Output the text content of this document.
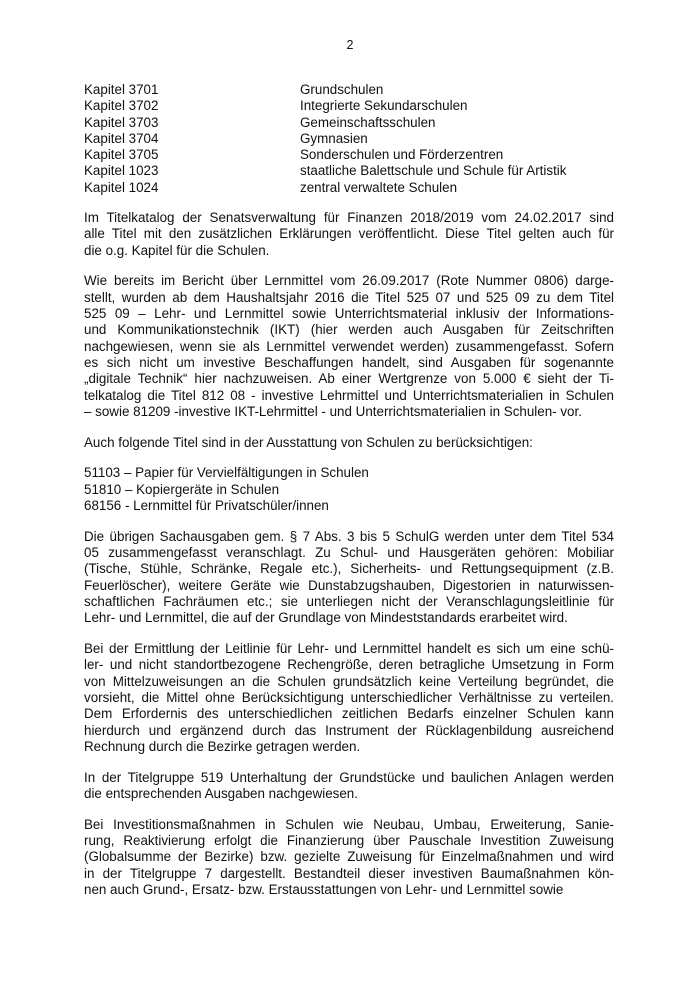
2
Kapitel 3701	Grundschulen
Kapitel 3702	Integrierte Sekundarschulen
Kapitel 3703	Gemeinschaftsschulen
Kapitel 3704	Gymnasien
Kapitel 3705	Sonderschulen und Förderzentren
Kapitel 1023	staatliche Balettschule und Schule für Artistik
Kapitel 1024	zentral verwaltete Schulen

Im Titelkatalog der Senatsverwaltung für Finanzen 2018/2019 vom 24.02.2017 sind
alle Titel mit den zusätzlichen Erklärungen veröffentlicht. Diese Titel gelten auch für
die o.g. Kapitel für die Schulen.

Wie bereits im Bericht über Lernmittel vom 26.09.2017 (Rote Nummer 0806) darge-
stellt, wurden ab dem Haushaltsjahr 2016 die Titel 525 07 und 525 09 zu dem Titel
525 09 – Lehr- und Lernmittel sowie Unterrichtsmaterial inklusiv der Informations-
und Kommunikationstechnik (IKT) (hier werden auch Ausgaben für Zeitschriften
nachgewiesen, wenn sie als Lernmittel verwendet werden) zusammengefasst. Sofern
es sich nicht um investive Beschaffungen handelt, sind Ausgaben für sogenannte
„digitale Technik“ hier nachzuweisen. Ab einer Wertgrenze von 5.000 € sieht der Ti-
telkatalog die Titel 812 08 - investive Lehrmittel und Unterrichtsmaterialien in Schulen
– sowie 81209 -investive IKT-Lehrmittel - und Unterrichtsmaterialien in Schulen- vor.

Auch folgende Titel sind in der Ausstattung von Schulen zu berücksichtigen:

51103 – Papier für Vervielfältigungen in Schulen
51810 – Kopiergeräte in Schulen
68156 - Lernmittel für Privatschüler/innen

Die übrigen Sachausgaben gem. § 7 Abs. 3 bis 5 SchulG werden unter dem Titel 534
05 zusammengefasst veranschlagt. Zu Schul- und Hausgeräten gehören: Mobiliar
(Tische, Stühle, Schränke, Regale etc.), Sicherheits- und Rettungsequipment (z.B.
Feuerlöscher), weitere Geräte wie Dunstabzugshauben, Digestorien in naturwissen-
schaftlichen Fachräumen etc.; sie unterliegen nicht der Veranschlagungsleitlinie für
Lehr- und Lernmittel, die auf der Grundlage von Mindeststandards erarbeitet wird.

Bei der Ermittlung der Leitlinie für Lehr- und Lernmittel handelt es sich um eine schü-
ler- und nicht standortbezogene Rechengröße, deren betragliche Umsetzung in Form
von Mittelzuweisungen an die Schulen grundsätzlich keine Verteilung begründet, die
vorsieht, die Mittel ohne Berücksichtigung unterschiedlicher Verhältnisse zu verteilen.
Dem Erfordernis des unterschiedlichen zeitlichen Bedarfs einzelner Schulen kann
hierdurch und ergänzend durch das Instrument der Rücklagenbildung ausreichend
Rechnung durch die Bezirke getragen werden.

In der Titelgruppe 519 Unterhaltung der Grundstücke und baulichen Anlagen werden
die entsprechenden Ausgaben nachgewiesen.

Bei Investitionsmaßnahmen in Schulen wie Neubau, Umbau, Erweiterung, Sanie-
rung, Reaktivierung erfolgt die Finanzierung über Pauschale Investition Zuweisung
(Globalsumme der Bezirke) bzw. gezielte Zuweisung für Einzelmaßnahmen und wird
in der Titelgruppe 7 dargestellt. Bestandteil dieser investiven Baumaßnahmen kön-
nen auch Grund-, Ersatz- bzw. Erstausstattungen von Lehr- und Lernmittel sowie
